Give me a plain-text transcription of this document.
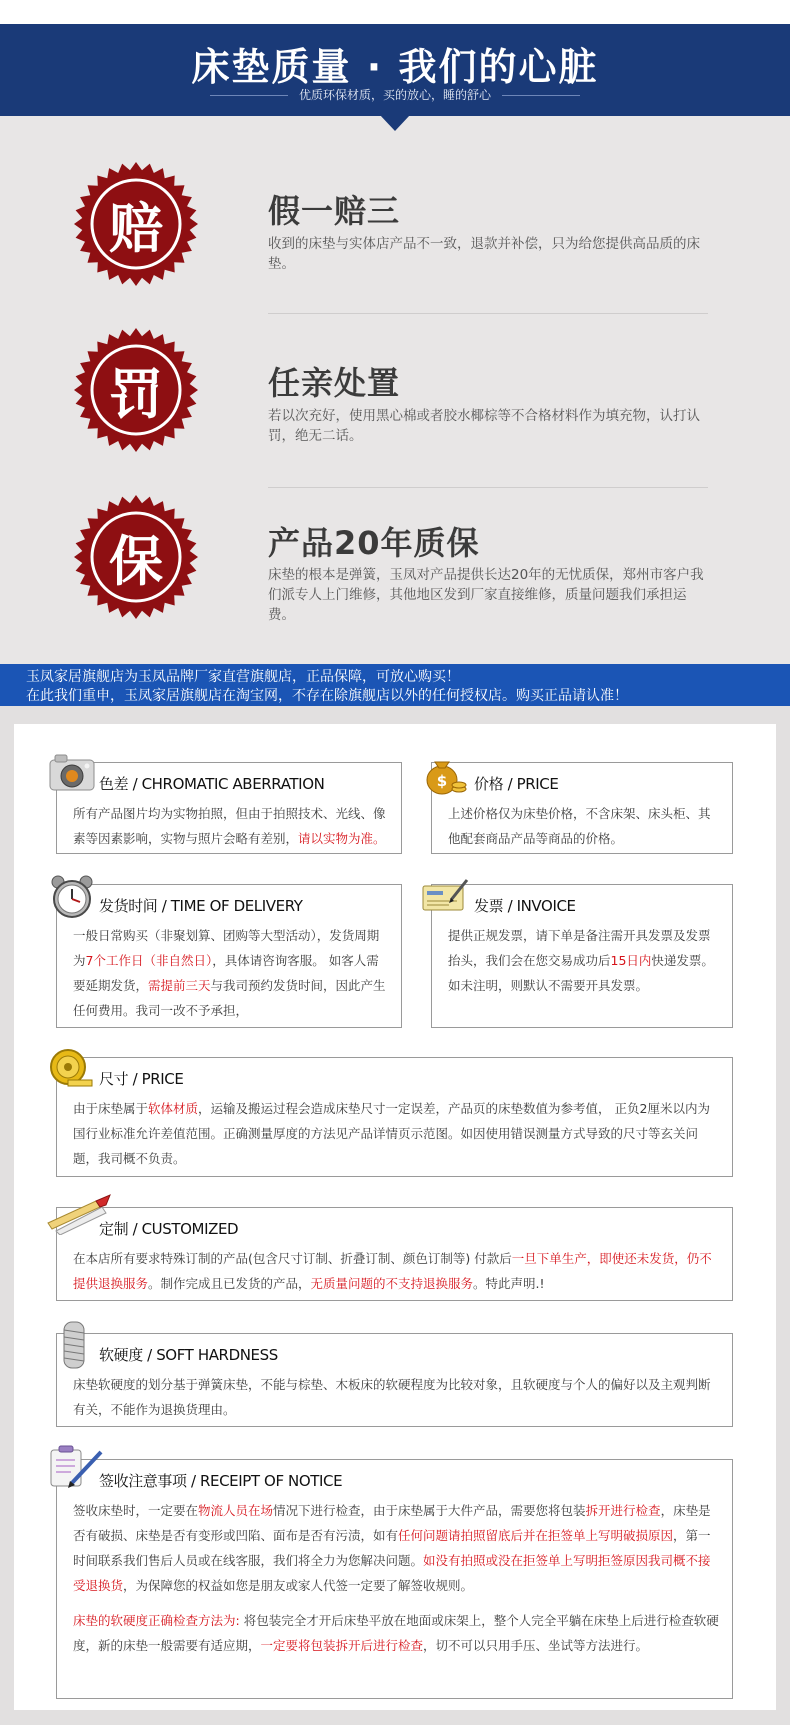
床垫质量 · 我们的心脏
优质环保材质，买的放心，睡的舒心
赔	假一赔三
收到的床垫与实体店产品不一致，退款并补偿，只为给您提供高品质的床垫。
罚	任亲处置
若以次充好，使用黑心棉或者胶水椰棕等不合格材料作为填充物，认打认罚，绝无二话。
保	产品20年质保
床垫的根本是弹簧，玉凤对产品提供长达20年的无忧质保，郑州市客户我们派专人上门维修，其他地区发到厂家直接维修，质量问题我们承担运费。
玉凤家居旗舰店为玉凤品牌厂家直营旗舰店，正品保障，可放心购买！
在此我们重申，玉凤家居旗舰店在淘宝网，不存在除旗舰店以外的任何授权店。购买正品请认准！
色差 / CHROMATIC ABERRATION
所有产品图片均为实物拍照，但由于拍照技术、光线、像素等因素影响，实物与照片会略有差别，请以实物为准。
价格 / PRICE
上述价格仅为床垫价格，不含床架、床头柜、其他配套商品产品等商品的价格。
$
发货时间 / TIME OF DELIVERY
一般日常购买（非聚划算、团购等大型活动），发货周期为7个工作日（非自然日），具体请咨询客服。 如客人需要延期发货，需提前三天与我司预约发货时间，因此产生任何费用。我司一改不予承担，
发票 / INVOICE
提供正规发票，请下单是备注需开具发票及发票抬头，我们会在您交易成功后15日内快递发票。如未注明，则默认不需要开具发票。
尺寸 / PRICE
由于床垫属于软体材质，运输及搬运过程会造成床垫尺寸一定误差，产品页的床垫数值为参考值， 正负2厘米以内为国行业标准允许差值范围。正确测量厚度的方法见产品详情页示范图。如因使用错误测量方式导致的尺寸等玄关问题，我司概不负责。
定制 / CUSTOMIZED
在本店所有要求特殊订制的产品(包含尺寸订制、折叠订制、颜色订制等) 付款后一旦下单生产，即使还未发货，仍不提供退换服务。制作完成且已发货的产品，无质量问题的不支持退换服务。特此声明.!
软硬度 / SOFT HARDNESS
床垫软硬度的划分基于弹簧床垫，不能与棕垫、木板床的软硬程度为比较对象，且软硬度与个人的偏好以及主观判断有关，不能作为退换货理由。
签收注意事项 / RECEIPT OF NOTICE
签收床垫时，一定要在物流人员在场情况下进行检查，由于床垫属于大件产品，需要您将包装拆开进行检查，床垫是否有破损、床垫是否有变形或凹陷、面布是否有污渍，如有任何问题请拍照留底后并在拒签单上写明破损原因，第一时间联系我们售后人员或在线客服，我们将全力为您解决问题。如没有拍照或没在拒签单上写明拒签原因我司概不接受退换货，为保障您的权益如您是朋友或家人代签一定要了解签收规则。
床垫的软硬度正确检查方法为: 将包装完全才开后床垫平放在地面或床架上，整个人完全平躺在床垫上后进行检查软硬度，新的床垫一般需要有适应期，一定要将包装拆开后进行检查，切不可以只用手压、坐试等方法进行。
